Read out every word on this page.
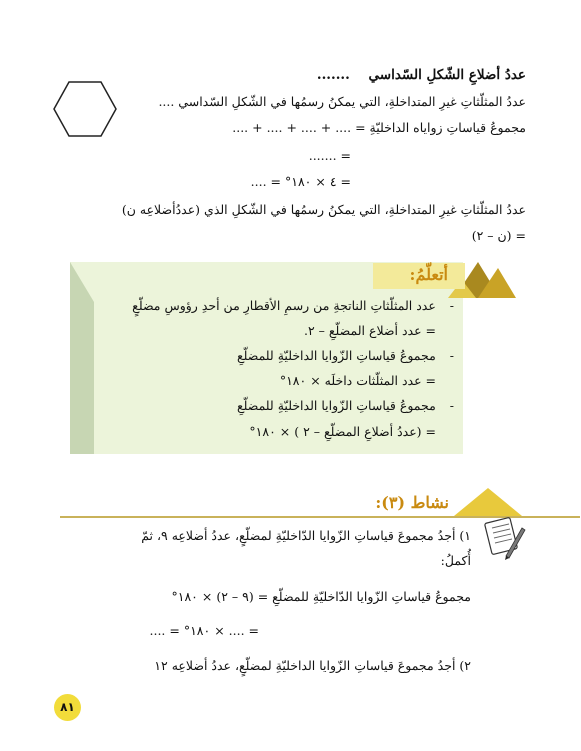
عددُ أضلاعِ الشّكلِ السّداسي .......
عددُ المثلّثاتِ غيرِ المتداخلةِ، التي يمكنُ رسمُها في الشّكلِ السّداسي ....
مجموعُ قياساتِ زواياه الداخليّةِ = .... + .... + .... + ....
= .......
= ٤ × ١٨٠° = ....
عددُ المثلّثاتِ غيرِ المتداخلةِ، التي يمكنُ رسمُها في الشّكلِ الذي (عددُأضلاعِه ن)
= (ن – ٢)
أتعلّمُ:
- عدد المثلّثاتِ الناتجةِ من رسمِ الأقطارِ من أحدِ رؤوسِ مضلّعٍ
= عدد أضلاع المضلّعِ – ٢.
- مجموعُ قياساتِ الزّوايا الداخليّةِ للمضلّعِ
= عدد المثلّثات داخلَه × ١٨٠°
- مجموعُ قياساتِ الزّوايا الداخليّةِ للمضلّعِ
= (عددُ أضلاعِ المضلّعِ – ٢ ) × ١٨٠°
نشاط (٣):
١) أجدُ مجموعَ قياساتِ الزّوايا الدّاخليّةِ لمضلّعٍ، عددُ أضلاعِه ٩، ثمّ
أُكملُ:
مجموعُ قياساتِ الزّوايا الدّاخليّةِ للمضلّعِ = (٩ – ٢) × ١٨٠°
= .... × ١٨٠° = ....
٢) أجدُ مجموعَ قياساتِ الزّوايا الداخليّةِ لمضلّعٍ، عددُ أضلاعِه ١٢
٨١
